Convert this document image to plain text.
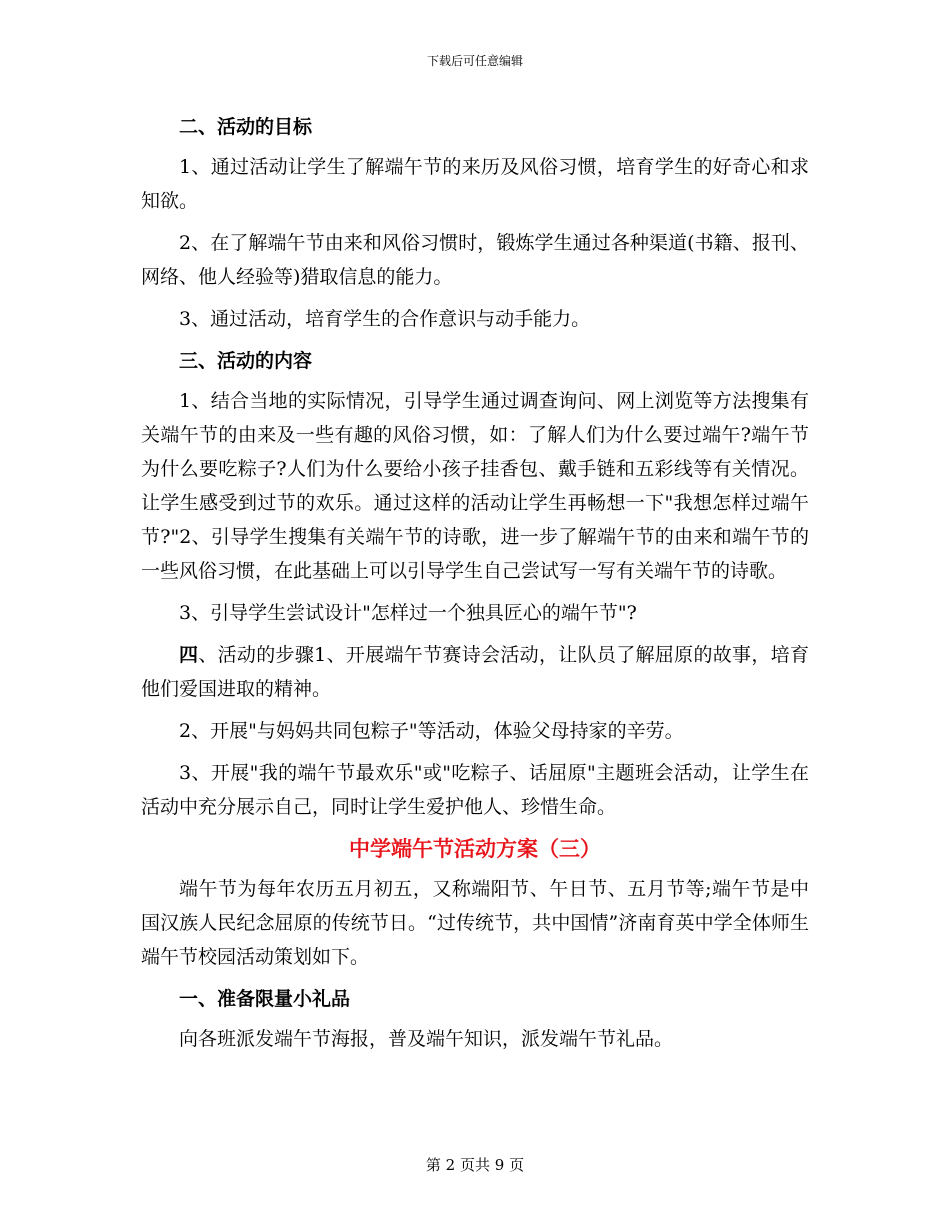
下载后可任意编辑

二、活动的目标

1、通过活动让学生了解端午节的来历及风俗习惯，培育学生的好奇心和求知欲。

2、在了解端午节由来和风俗习惯时，锻炼学生通过各种渠道(书籍、报刊、网络、他人经验等)猎取信息的能力。

3、通过活动，培育学生的合作意识与动手能力。

三、活动的内容

1、结合当地的实际情况，引导学生通过调查询问、网上浏览等方法搜集有关端午节的由来及一些有趣的风俗习惯，如：了解人们为什么要过端午?端午节为什么要吃粽子?人们为什么要给小孩子挂香包、戴手链和五彩线等有关情况。让学生感受到过节的欢乐。通过这样的活动让学生再畅想一下"我想怎样过端午节?"2、引导学生搜集有关端午节的诗歌，进一步了解端午节的由来和端午节的一些风俗习惯，在此基础上可以引导学生自己尝试写一写有关端午节的诗歌。

3、引导学生尝试设计"怎样过一个独具匠心的端午节"?

四、活动的步骤1、开展端午节赛诗会活动，让队员了解屈原的故事，培育他们爱国进取的精神。

2、开展"与妈妈共同包粽子"等活动，体验父母持家的辛劳。

3、开展"我的端午节最欢乐"或"吃粽子、话屈原"主题班会活动，让学生在活动中充分展示自己，同时让学生爱护他人、珍惜生命。

中学端午节活动方案（三）

端午节为每年农历五月初五，又称端阳节、午日节、五月节等;端午节是中国汉族人民纪念屈原的传统节日。“过传统节，共中国情”济南育英中学全体师生端午节校园活动策划如下。

一、准备限量小礼品

向各班派发端午节海报，普及端午知识，派发端午节礼品。

第 2 页共 9 页
